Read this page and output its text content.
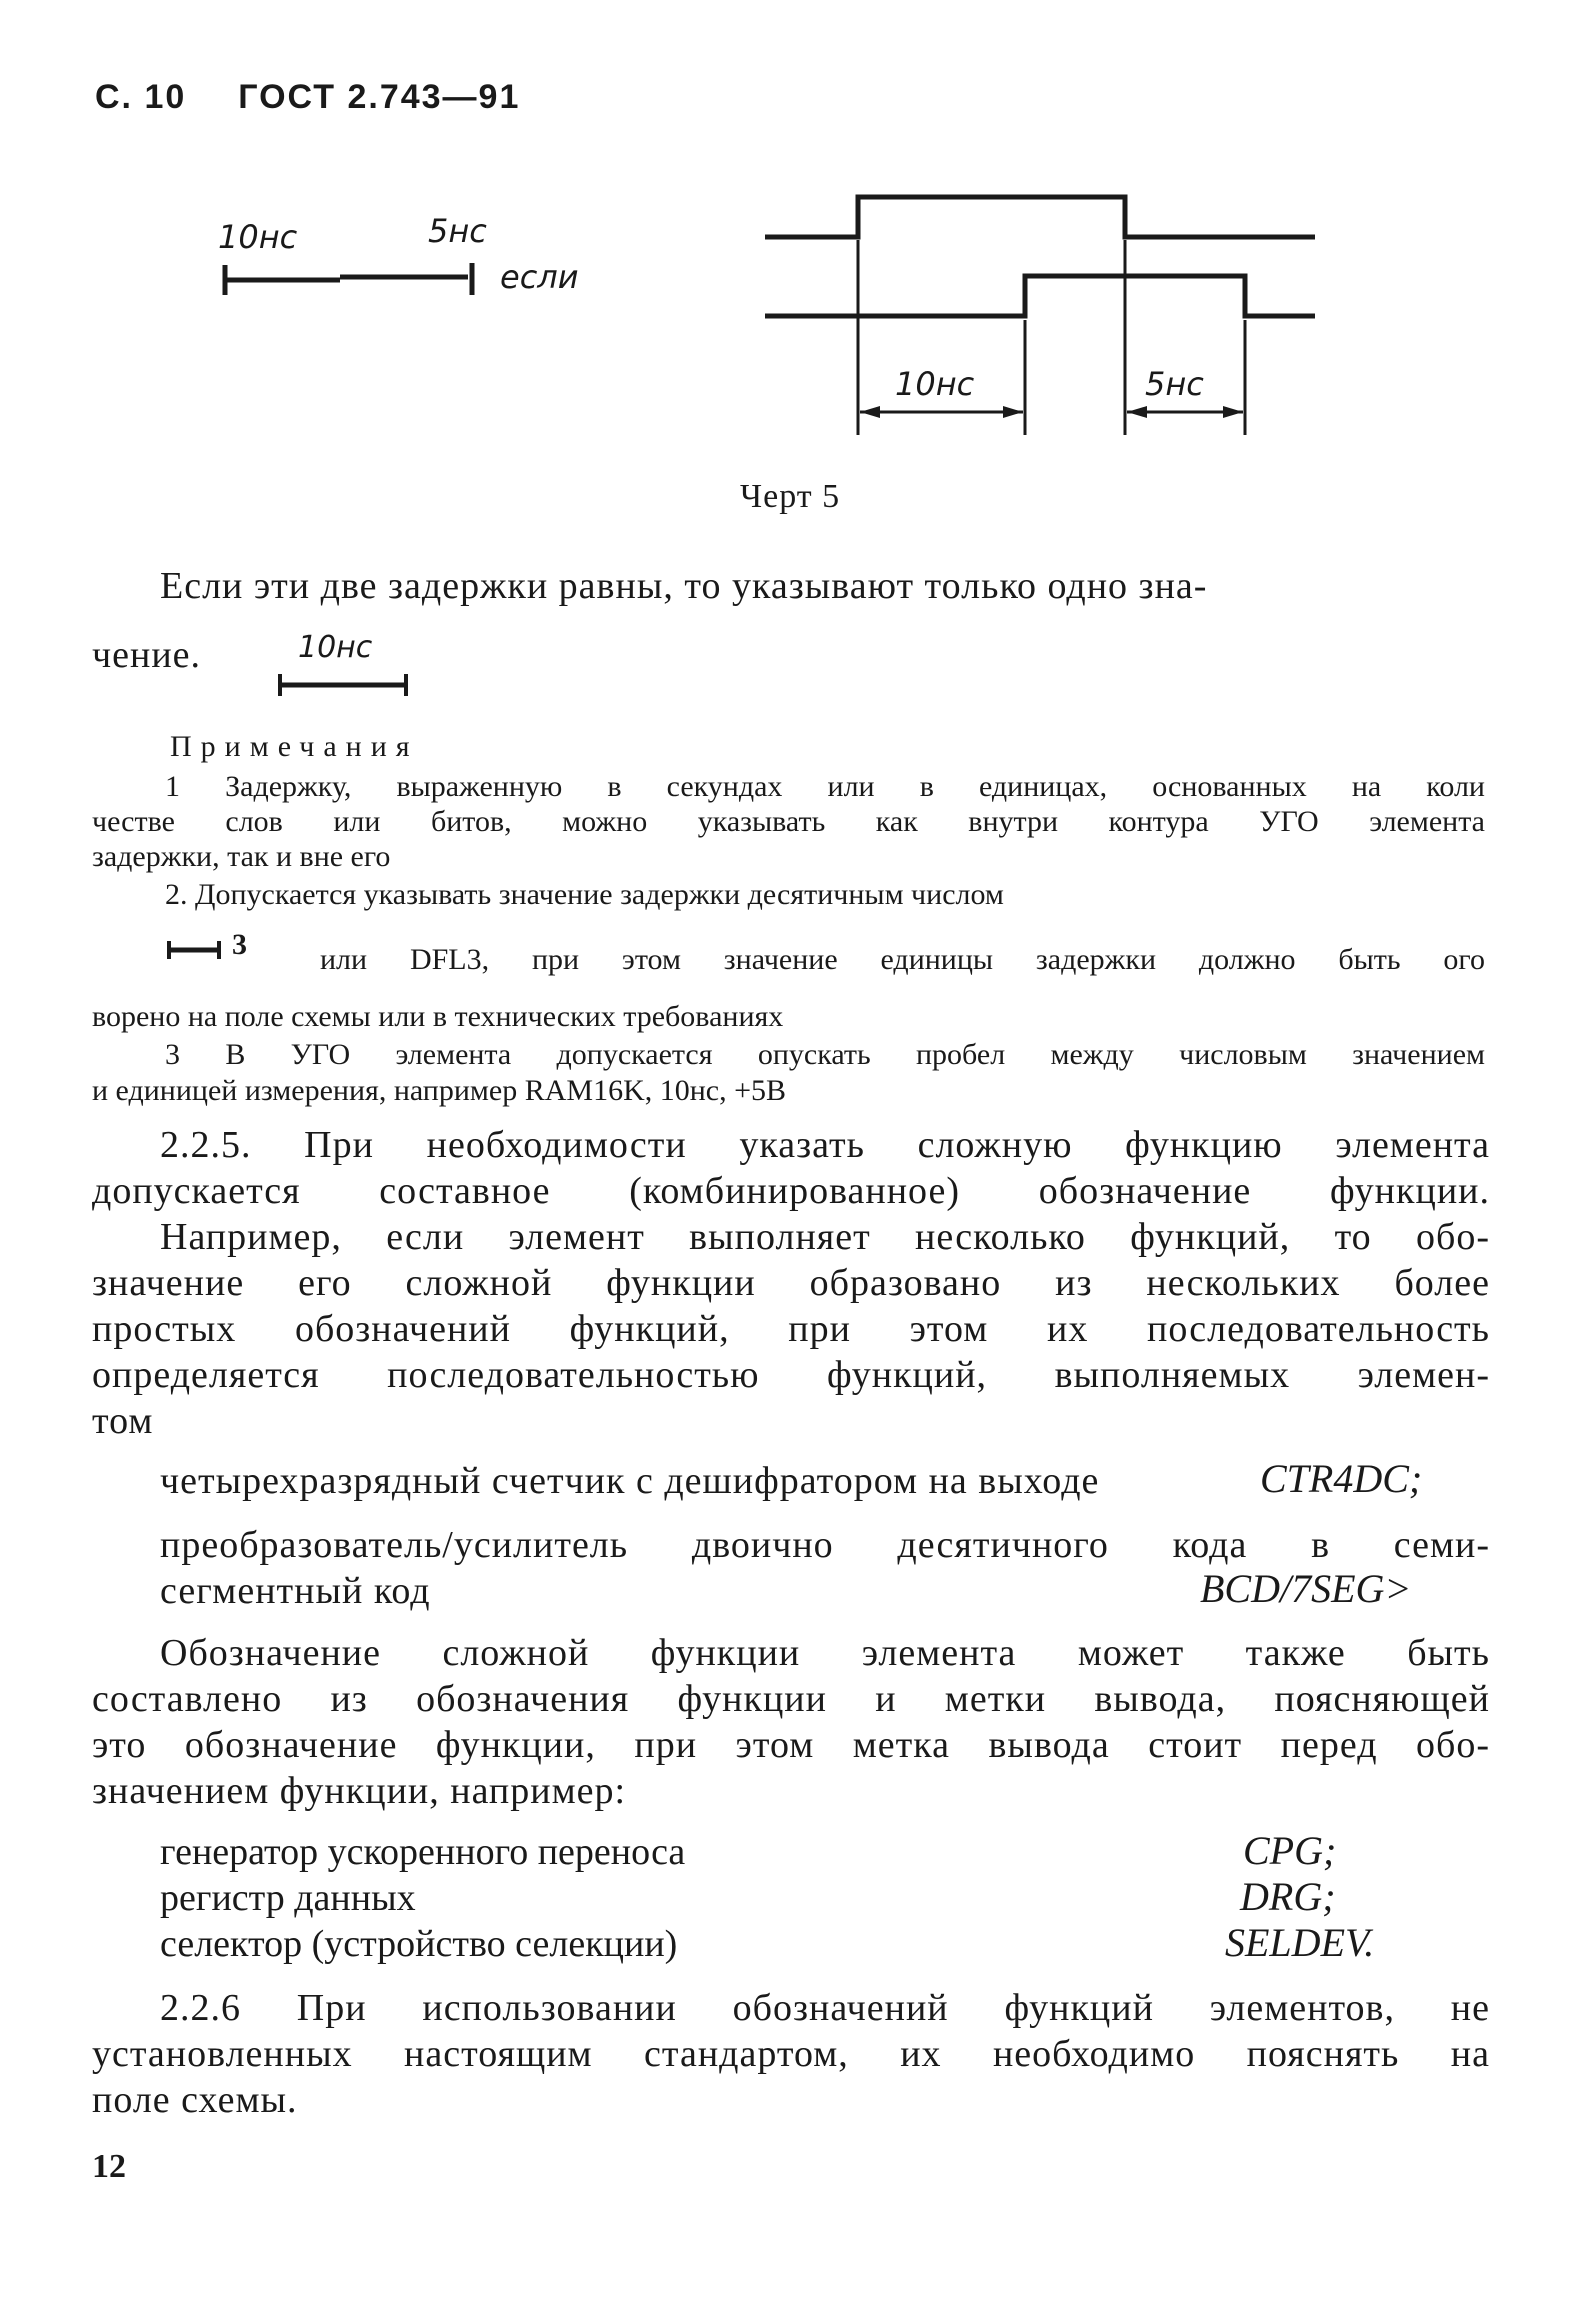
С. 10 ГОСТ 2.743—91
10нс	5нс
если
10нс	5нс
Черт 5
Если эти две задержки равны, то указывают только одно зна-
чение.	10нс
Примечания
1 Задержку, выраженную в секундах или в единицах, основанных на коли
честве слов или битов, можно указывать как внутри контура УГО элемента
задержки, так и вне его
2. Допускается указывать значение задержки десятичным числом
3 или DFL3, при этом значение единицы задержки должно быть ого
ворено на поле схемы или в технических требованиях
3 В УГО элемента допускается опускать пробел между числовым значением
и единицей измерения, например RAM16K, 10нс, +5В
2.2.5. При необходимости указать сложную функцию элемента
допускается составное (комбинированное) обозначение функции.
Например, если элемент выполняет несколько функций, то обо-
значение его сложной функции образовано из нескольких более
простых обозначений функций, при этом их последовательность
определяется последовательностью функций, выполняемых элемен-
том
четырехразрядный счетчик с дешифратором на выходе	CTR4DC;
преобразователь/усилитель двоично десятичного кода в семи-
сегментный код	BCD/7SEG>
Обозначение сложной функции элемента может также быть
составлено из обозначения функции и метки вывода, поясняющей
это обозначение функции, при этом метка вывода стоит перед обо-
значением функции, например:
генератор ускоренного переноса	CPG;
регистр данных	DRG;
селектор (устройство селекции)	SELDEV.
2.2.6 При использовании обозначений функций элементов, не
установленных настоящим стандартом, их необходимо пояснять на
поле схемы.
12
